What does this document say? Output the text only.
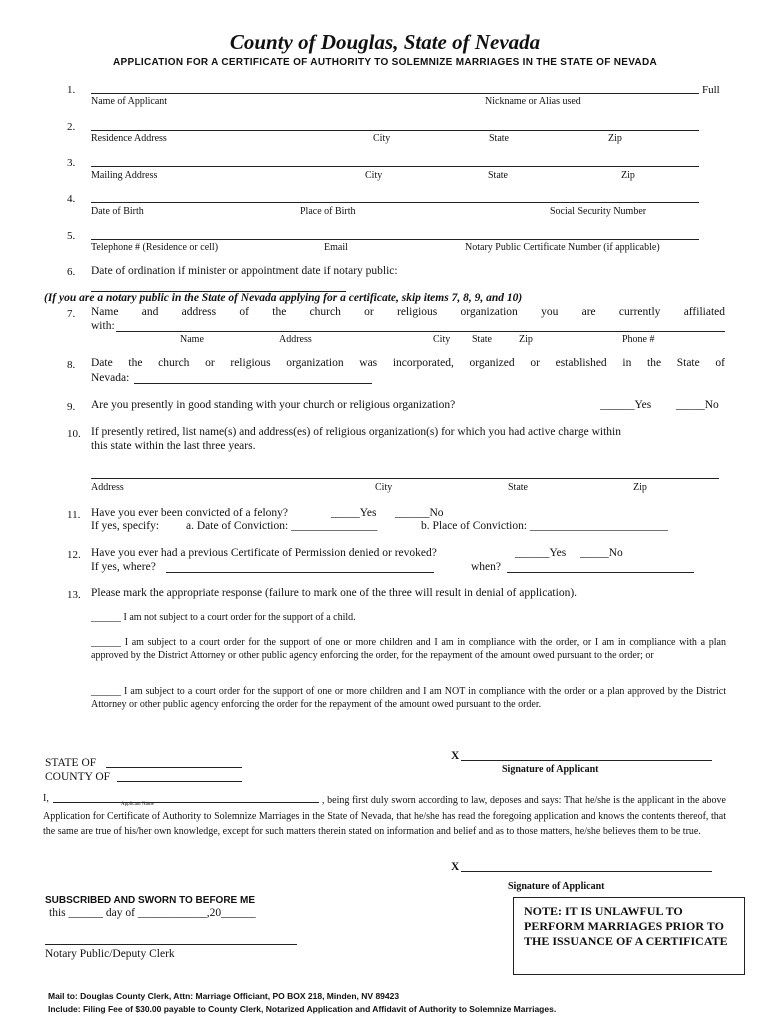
County of Douglas, State of Nevada
APPLICATION FOR A CERTIFICATE OF AUTHORITY TO SOLEMNIZE MARRIAGES IN THE STATE OF NEVADA
1.	Full
Name of Applicant	Nickname or Alias used
2.
Residence Address	City	State	Zip
3.
Mailing Address	City	State	Zip
4.
Date of Birth	Place of Birth	Social Security Number
5.
Telephone # (Residence or cell)	Email	Notary Public Certificate Number (if applicable)
6. Date of ordination if minister or appointment date if notary public:
(If you are a notary public in the State of Nevada applying for a certificate, skip items 7, 8, 9, and 10)
7. Name and address of the church or religious organization you are currently affiliated
with:
Name	Address	City State	Zip	Phone #
8. Date the church or religious organization was incorporated, organized or established in the State of
Nevada:
9. Are you presently in good standing with your church or religious organization?	______Yes _____No
10. If presently retired, list name(s) and address(es) of religious organization(s) for which you had active charge within
this state within the last three years.
Address	City	State	Zip
11. Have you ever been convicted of a felony?	_____Yes ______No
If yes, specify: a. Date of Conviction: _______________	b. Place of Conviction: ________________________
12. Have you ever had a previous Certificate of Permission denied or revoked?	______Yes _____No
If yes, where?	when?
13. Please mark the appropriate response (failure to mark one of the three will result in denial of application).
______ I am not subject to a court order for the support of a child.
______ I am subject to a court order for the support of one or more children and I am in compliance with the order, or I am in compliance with a plan approved by the District Attorney or other public agency enforcing the order, for the repayment of the amount owed pursuant to the order; or
______ I am subject to a court order for the support of one or more children and I am NOT in compliance with the order or a plan approved by the District Attorney or other public agency enforcing the order for the repayment of the amount owed pursuant to the order.
X
Signature of Applicant
STATE OF
COUNTY OF
I,
Applicant Name	, being first duly sworn according to law, deposes and says: That he/she is the applicant in the above Application for Certificate of Authority to Solemnize Marriages in the State of Nevada, that he/she has read the foregoing application and knows the contents thereof, that the same are true of his/her own knowledge, except for such matters therein stated on information and belief and as to those matters, he/she believes them to be true.
X
Signature of Applicant
SUBSCRIBED AND SWORN TO BEFORE ME
this ______ day of ____________,20______
Notary Public/Deputy Clerk
NOTE: IT IS UNLAWFUL TO PERFORM MARRIAGES PRIOR TO THE ISSUANCE OF A CERTIFICATE
Mail to: Douglas County Clerk, Attn: Marriage Officiant, PO BOX 218, Minden, NV 89423
Include: Filing Fee of $30.00 payable to County Clerk, Notarized Application and Affidavit of Authority to Solemnize Marriages.
